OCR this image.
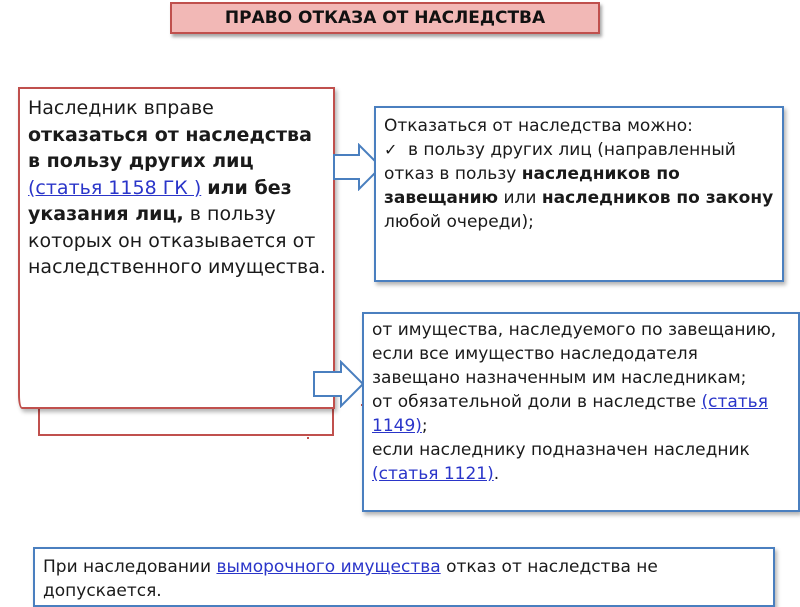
ПРАВО ОТКАЗА ОТ НАСЛЕДСТВА
Наследник вправе отказаться от наследства в пользу других лиц (статья 1158 ГК ) или без указания лиц, в пользу которых он отказывается от наследственного имущества.
Отказаться от наследства можно:
✓ в пользу других лиц (направленный отказ в пользу наследников по завещанию или наследников по закону любой очереди);
от имущества, наследуемого по завещанию, если все имущество наследодателя завещано назначенным им наследникам;
от обязательной доли в наследстве (статья 1149);
если наследнику подназначен наследник (статья 1121).
При наследовании выморочного имущества отказ от наследства не допускается.
